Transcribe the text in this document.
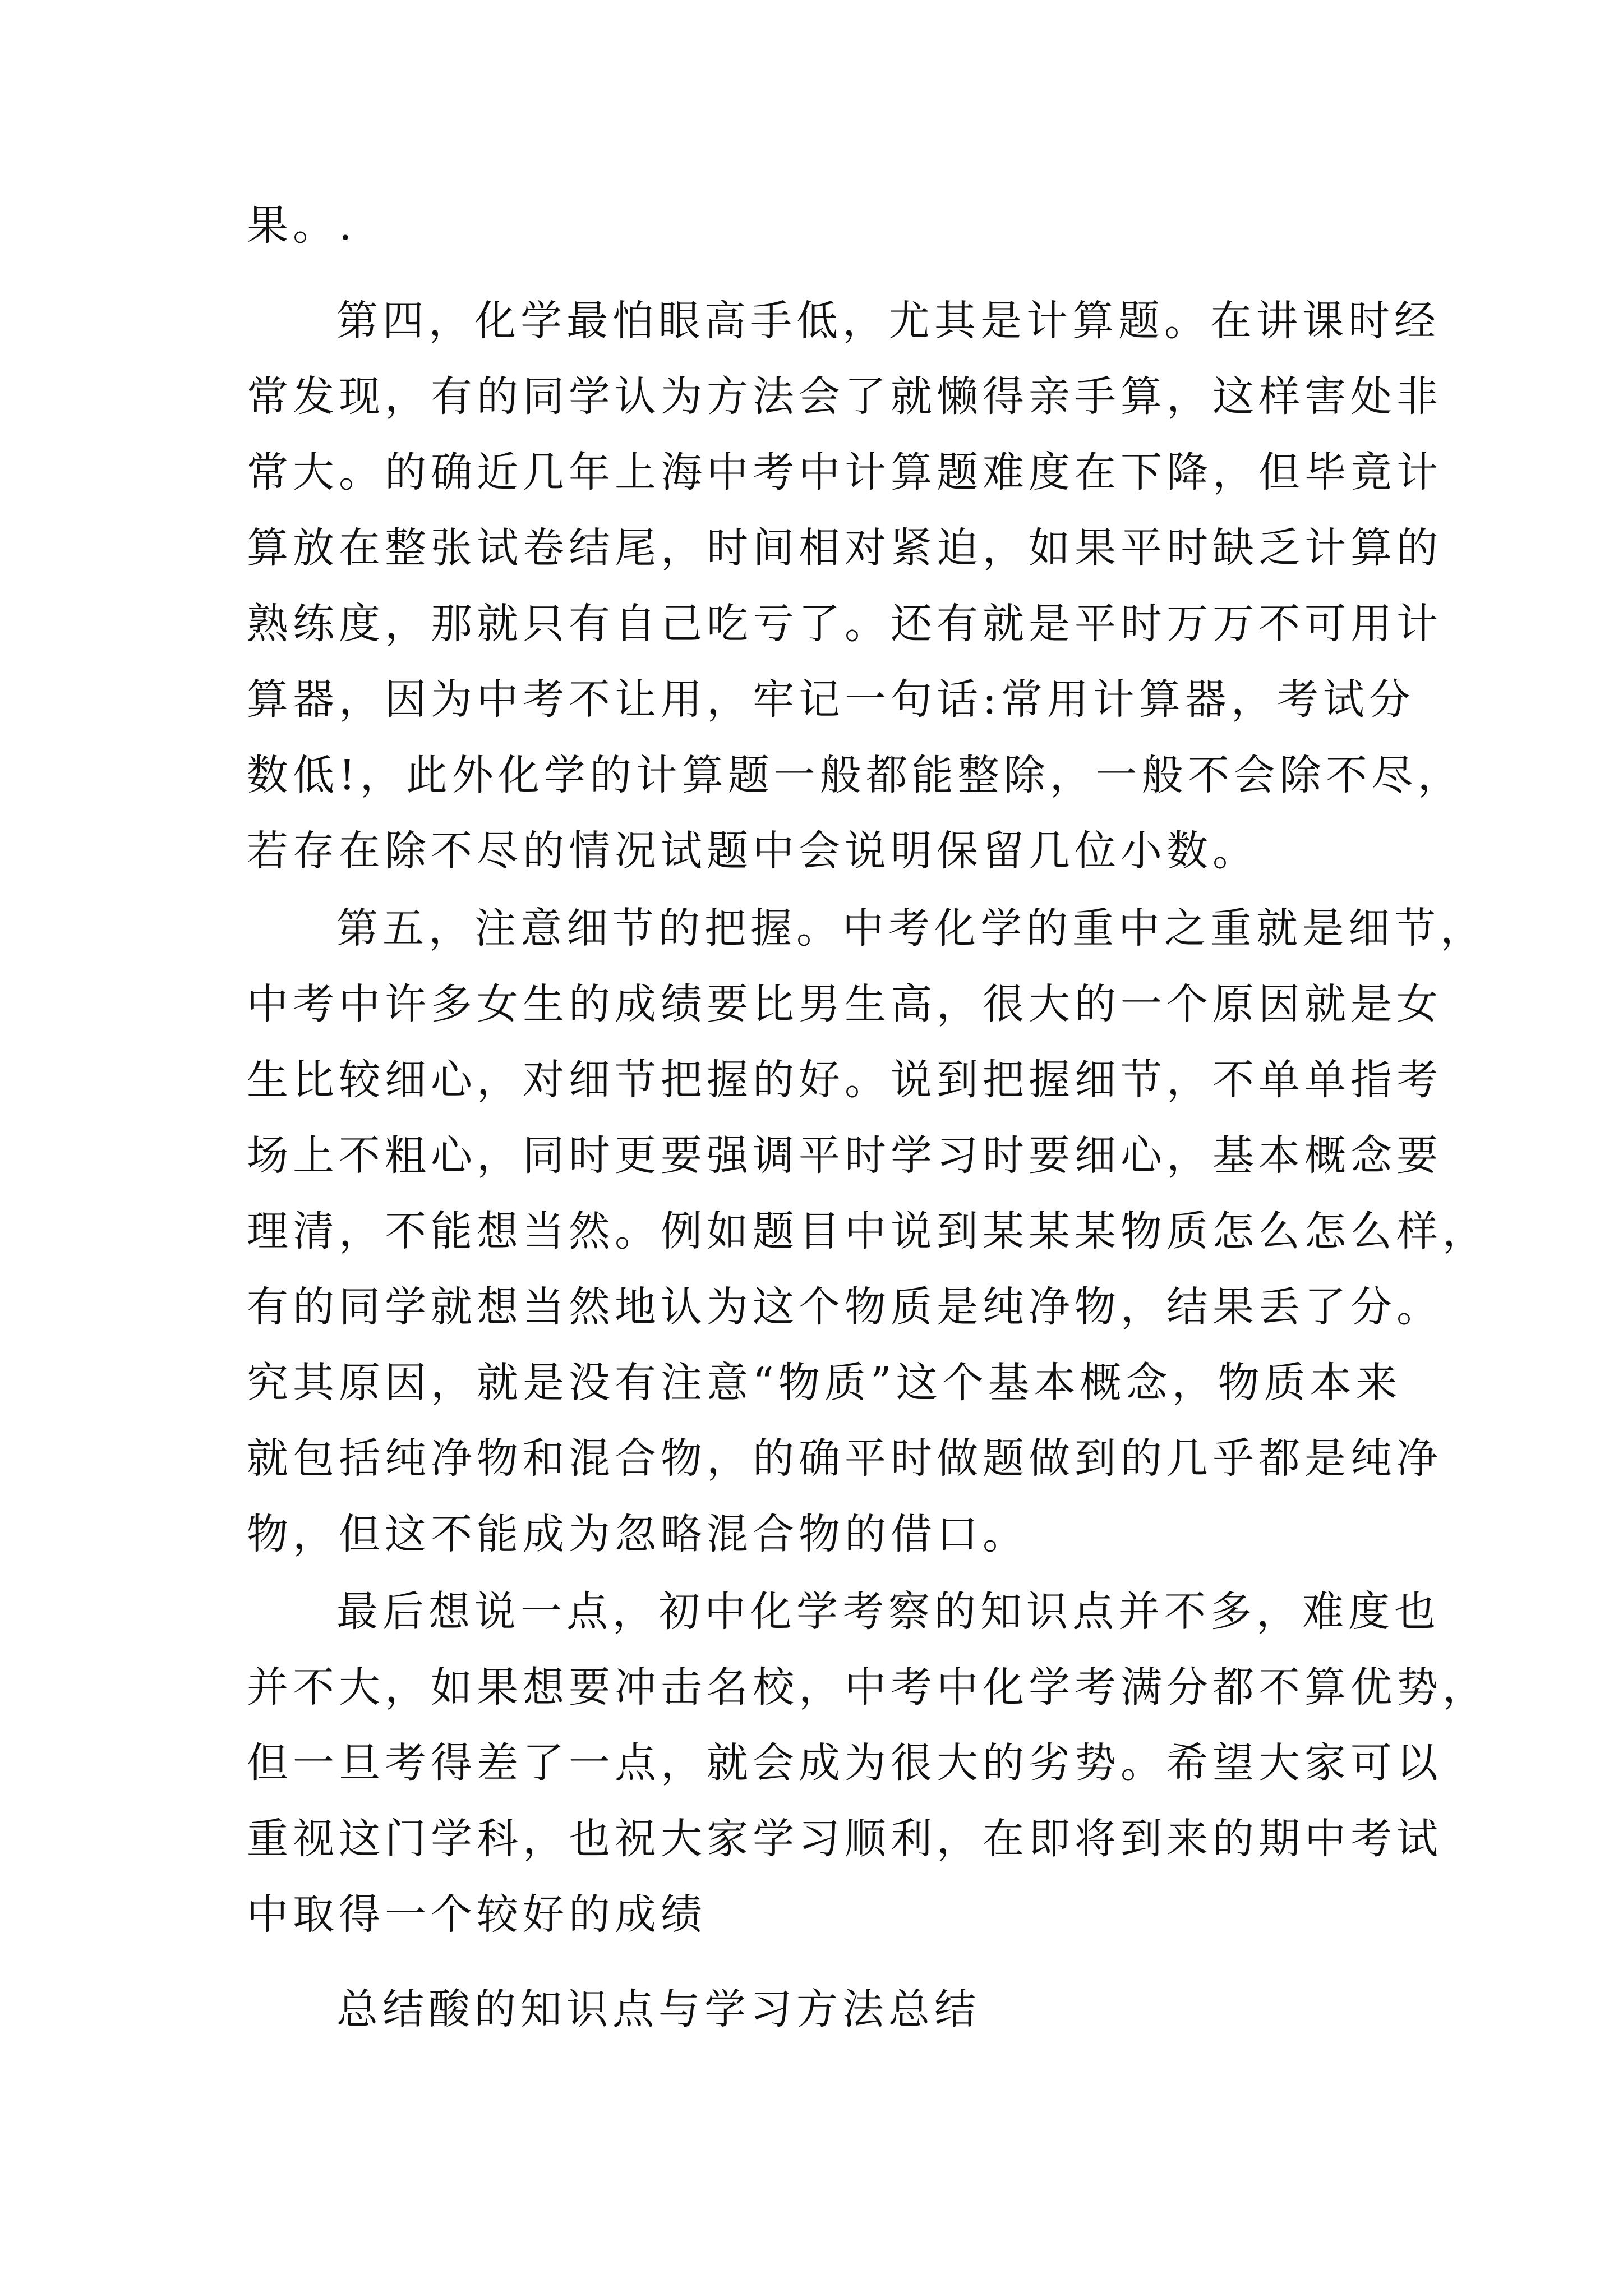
果。.
第四，化学最怕眼高手低，尤其是计算题。在讲课时经
常发现，有的同学认为方法会了就懒得亲手算，这样害处非
常大。的确近几年上海中考中计算题难度在下降，但毕竟计
算放在整张试卷结尾，时间相对紧迫，如果平时缺乏计算的
熟练度，那就只有自己吃亏了。还有就是平时万万不可用计
算器，因为中考不让用，牢记一句话:常用计算器，考试分
数低!，此外化学的计算题一般都能整除，一般不会除不尽，
若存在除不尽的情况试题中会说明保留几位小数。
第五，注意细节的把握。中考化学的重中之重就是细节，
中考中许多女生的成绩要比男生高，很大的一个原因就是女
生比较细心，对细节把握的好。说到把握细节，不单单指考
场上不粗心，同时更要强调平时学习时要细心，基本概念要
理清，不能想当然。例如题目中说到某某某物质怎么怎么样，
有的同学就想当然地认为这个物质是纯净物，结果丢了分。
究其原因，就是没有注意“物质”这个基本概念，物质本来
就包括纯净物和混合物，的确平时做题做到的几乎都是纯净
物，但这不能成为忽略混合物的借口。
最后想说一点，初中化学考察的知识点并不多，难度也
并不大，如果想要冲击名校，中考中化学考满分都不算优势，
但一旦考得差了一点，就会成为很大的劣势。希望大家可以
重视这门学科，也祝大家学习顺利，在即将到来的期中考试
中取得一个较好的成绩
总结酸的知识点与学习方法总结
